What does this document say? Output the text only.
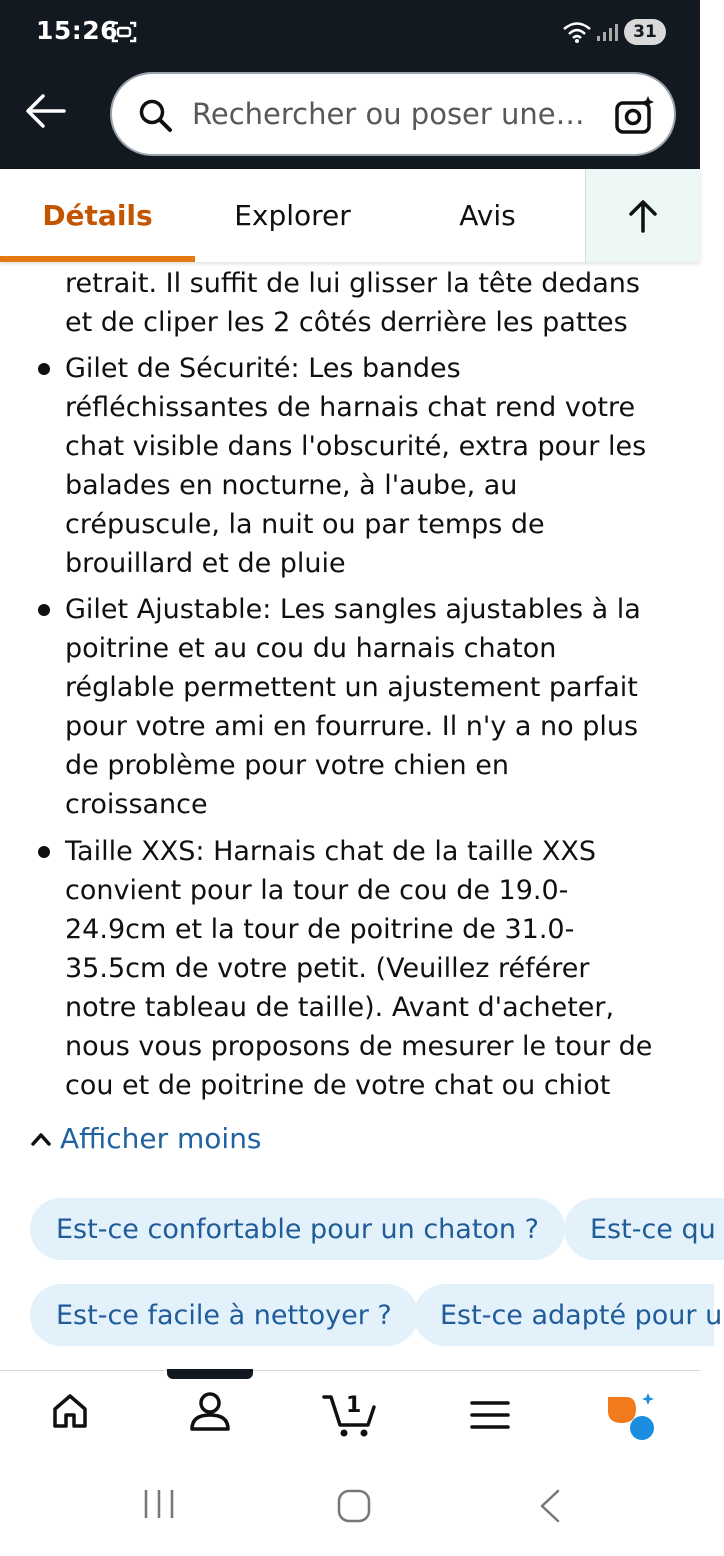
15:26	31
Rechercher ou poser une…
Détails	Explorer	Avis
retrait. Il suffit de lui glisser la tête dedans
et de cliper les 2 côtés derrière les pattes
Gilet de Sécurité: Les bandes
réfléchissantes de harnais chat rend votre
chat visible dans l'obscurité, extra pour les
balades en nocturne, à l'aube, au
crépuscule, la nuit ou par temps de
brouillard et de pluie
Gilet Ajustable: Les sangles ajustables à la
poitrine et au cou du harnais chaton
réglable permettent un ajustement parfait
pour votre ami en fourrure. Il n'y a no plus
de problème pour votre chien en
croissance
Taille XXS: Harnais chat de la taille XXS
convient pour la tour de cou de 19.0-
24.9cm et la tour de poitrine de 31.0-
35.5cm de votre petit. (Veuillez référer
notre tableau de taille). Avant d'acheter,
nous vous proposons de mesurer le tour de
cou et de poitrine de votre chat ou chiot
Afficher moins
Est-ce confortable pour un chaton ?	Est-ce qu
Est-ce facile à nettoyer ?	Est-ce adapté pour u
1
